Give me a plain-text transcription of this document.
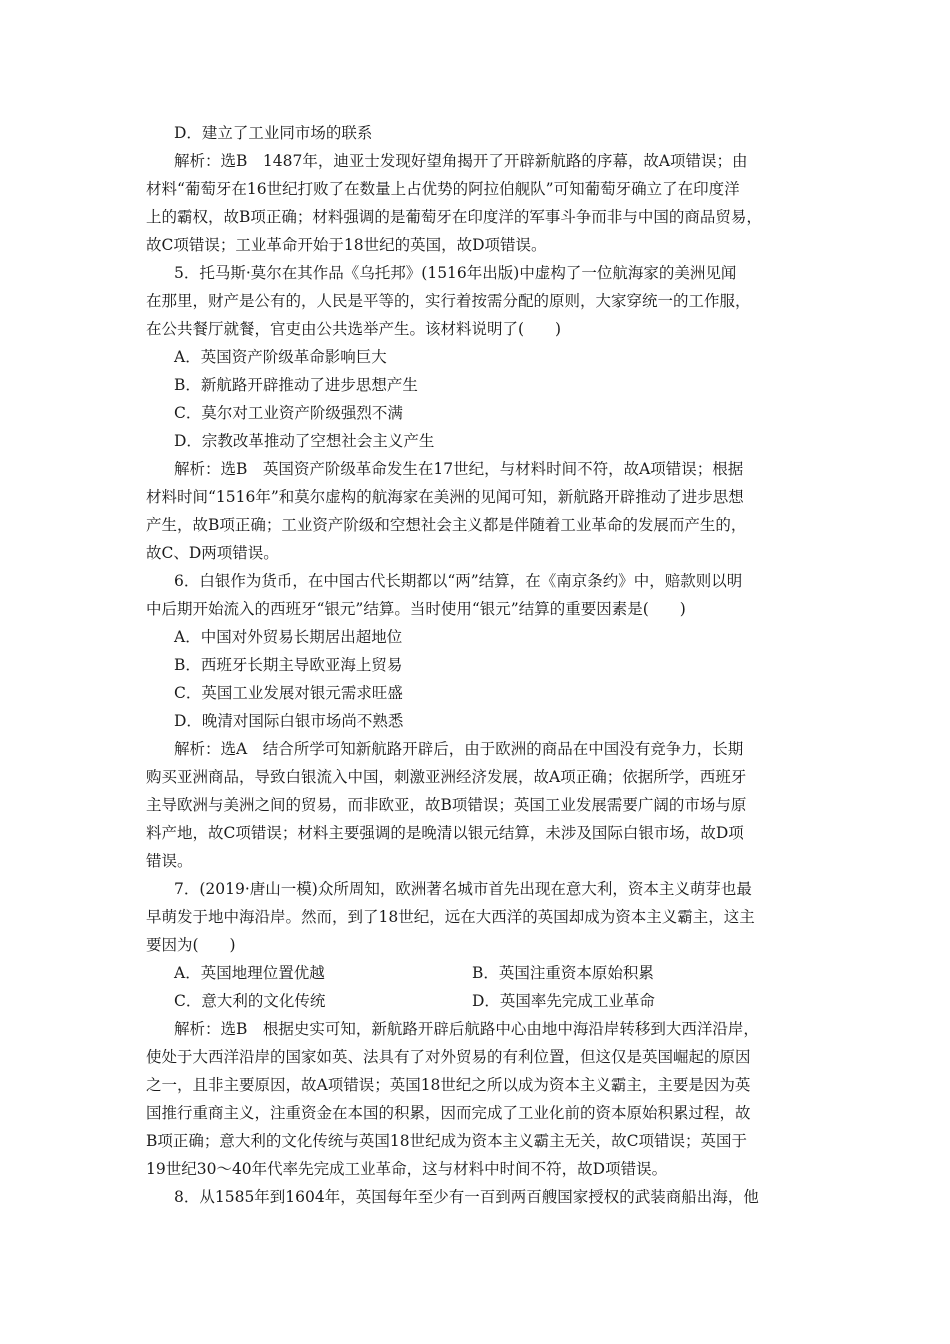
D．建立了工业同市场的联系
解析：选B　1487年，迪亚士发现好望角揭开了开辟新航路的序幕，故A项错误；由
材料“葡萄牙在16世纪打败了在数量上占优势的阿拉伯舰队”可知葡萄牙确立了在印度洋
上的霸权，故B项正确；材料强调的是葡萄牙在印度洋的军事斗争而非与中国的商品贸易，
故C项错误；工业革命开始于18世纪的英国，故D项错误。
5．托马斯·莫尔在其作品《乌托邦》(1516年出版)中虚构了一位航海家的美洲见闻
在那里，财产是公有的，人民是平等的，实行着按需分配的原则，大家穿统一的工作服，
在公共餐厅就餐，官吏由公共选举产生。该材料说明了(　　)
A．英国资产阶级革命影响巨大
B．新航路开辟推动了进步思想产生
C．莫尔对工业资产阶级强烈不满
D．宗教改革推动了空想社会主义产生
解析：选B　英国资产阶级革命发生在17世纪，与材料时间不符，故A项错误；根据
材料时间“1516年”和莫尔虚构的航海家在美洲的见闻可知，新航路开辟推动了进步思想
产生，故B项正确；工业资产阶级和空想社会主义都是伴随着工业革命的发展而产生的，
故C、D两项错误。
6．白银作为货币，在中国古代长期都以“两”结算，在《南京条约》中，赔款则以明
中后期开始流入的西班牙“银元”结算。当时使用“银元”结算的重要因素是(　　)
A．中国对外贸易长期居出超地位
B．西班牙长期主导欧亚海上贸易
C．英国工业发展对银元需求旺盛
D．晚清对国际白银市场尚不熟悉
解析：选A　结合所学可知新航路开辟后，由于欧洲的商品在中国没有竞争力，长期
购买亚洲商品，导致白银流入中国，刺激亚洲经济发展，故A项正确；依据所学，西班牙
主导欧洲与美洲之间的贸易，而非欧亚，故B项错误；英国工业发展需要广阔的市场与原
料产地，故C项错误；材料主要强调的是晚清以银元结算，未涉及国际白银市场，故D项
错误。
7．(2019·唐山一模)众所周知，欧洲著名城市首先出现在意大利，资本主义萌芽也最
早萌发于地中海沿岸。然而，到了18世纪，远在大西洋的英国却成为资本主义霸主，这主
要因为(　　)
A．英国地理位置优越	B．英国注重资本原始积累
C．意大利的文化传统	D．英国率先完成工业革命
解析：选B　根据史实可知，新航路开辟后航路中心由地中海沿岸转移到大西洋沿岸，
使处于大西洋沿岸的国家如英、法具有了对外贸易的有利位置，但这仅是英国崛起的原因
之一，且非主要原因，故A项错误；英国18世纪之所以成为资本主义霸主，主要是因为英
国推行重商主义，注重资金在本国的积累，因而完成了工业化前的资本原始积累过程，故
B项正确；意大利的文化传统与英国18世纪成为资本主义霸主无关，故C项错误；英国于
19世纪30～40年代率先完成工业革命，这与材料中时间不符，故D项错误。
8．从1585年到1604年，英国每年至少有一百到两百艘国家授权的武装商船出海，他
